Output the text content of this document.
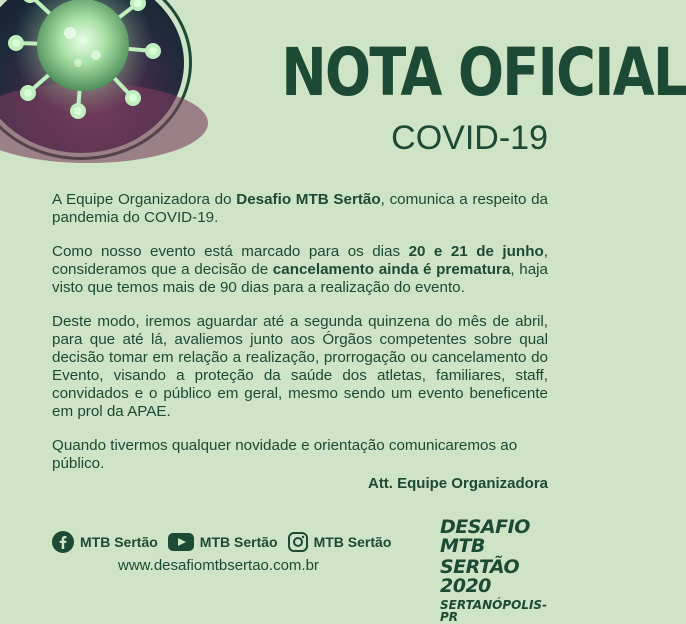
NOTA OFICIAL
COVID-19

A Equipe Organizadora do Desafio MTB Sertão, comunica a respeito da pandemia do COVID-19.

Como nosso evento está marcado para os dias 20 e 21 de junho, consideramos que a decisão de cancelamento ainda é prematura, haja visto que temos mais de 90 dias para a realização do evento.

Deste modo, iremos aguardar até a segunda quinzena do mês de abril, para que até lá, avaliemos junto aos Órgãos competentes sobre qual decisão tomar em relação a realização, prorrogação ou cancelamento do Evento, visando a proteção da saúde dos atletas, familiares, staff, convidados e o público em geral, mesmo sendo um evento beneficente em prol da APAE.

Quando tivermos qualquer novidade e orientação comunicaremos ao público.

Att. Equipe Organizadora
MTB Sertão	MTB Sertão	MTB Sertão
www.desafiomtbsertao.com.br
DESAFIO MTB
SERTÃO 2020
SERTANÓPOLIS-PR
